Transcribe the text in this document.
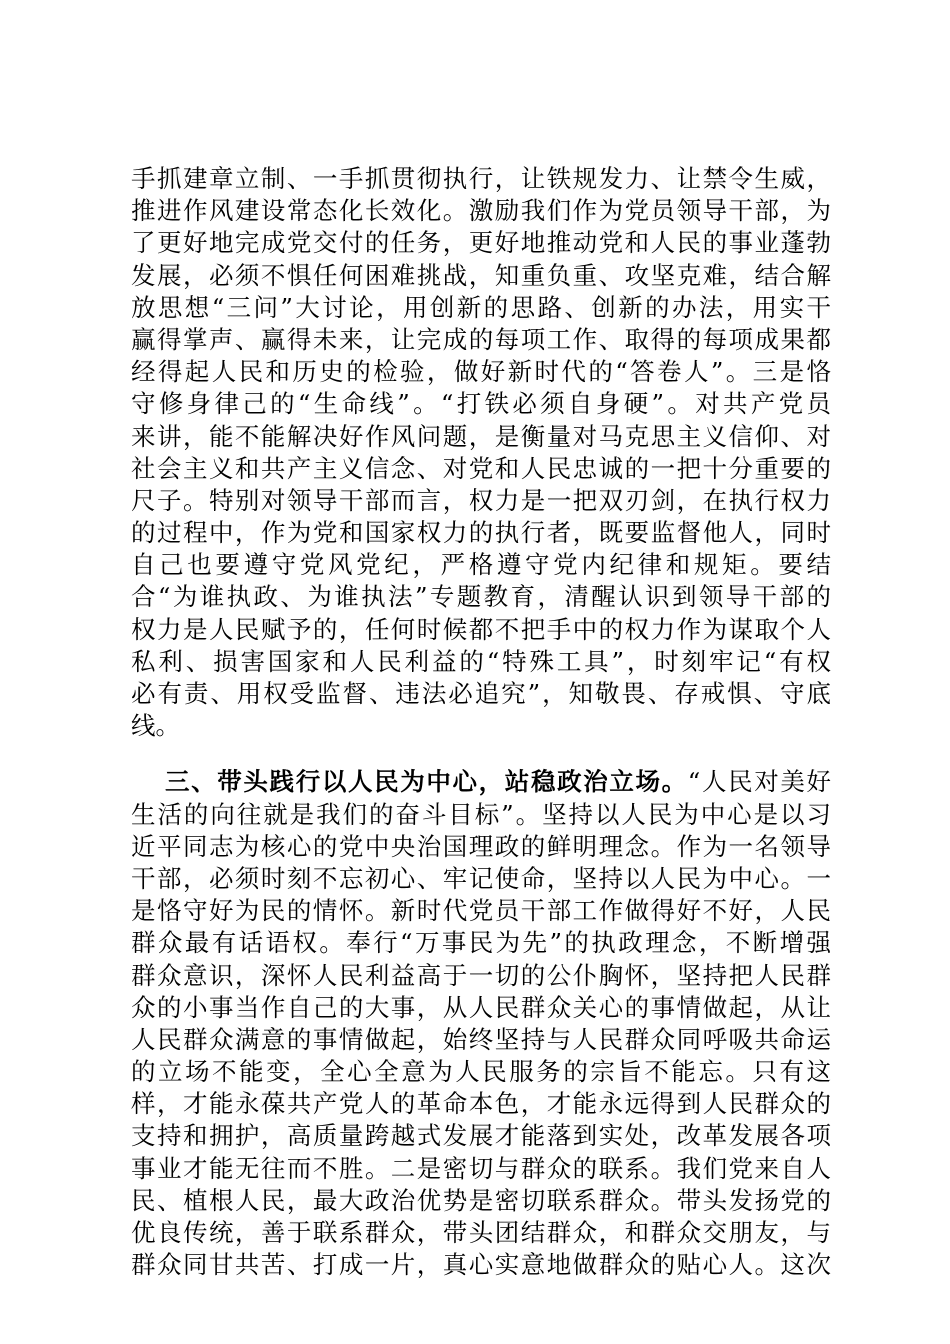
手抓建章立制、一手抓贯彻执行，让铁规发力、让禁令生威，
推进作风建设常态化长效化。激励我们作为党员领导干部，为
了更好地完成党交付的任务，更好地推动党和人民的事业蓬勃
发展，必须不惧任何困难挑战，知重负重、攻坚克难，结合解
放思想“三问”大讨论，用创新的思路、创新的办法，用实干
赢得掌声、赢得未来，让完成的每项工作、取得的每项成果都
经得起人民和历史的检验，做好新时代的“答卷人”。三是恪
守修身律己的“生命线”。“打铁必须自身硬”。对共产党员
来讲，能不能解决好作风问题，是衡量对马克思主义信仰、对
社会主义和共产主义信念、对党和人民忠诚的一把十分重要的
尺子。特别对领导干部而言，权力是一把双刃剑，在执行权力
的过程中，作为党和国家权力的执行者，既要监督他人，同时
自己也要遵守党风党纪，严格遵守党内纪律和规矩。要结
合“为谁执政、为谁执法”专题教育，清醒认识到领导干部的
权力是人民赋予的，任何时候都不把手中的权力作为谋取个人
私利、损害国家和人民利益的“特殊工具”，时刻牢记“有权
必有责、用权受监督、违法必追究”，知敬畏、存戒惧、守底
线。
三、带头践行以人民为中心，站稳政治立场。“人民对美好
生活的向往就是我们的奋斗目标”。坚持以人民为中心是以习
近平同志为核心的党中央治国理政的鲜明理念。作为一名领导
干部，必须时刻不忘初心、牢记使命，坚持以人民为中心。一
是恪守好为民的情怀。新时代党员干部工作做得好不好，人民
群众最有话语权。奉行“万事民为先”的执政理念，不断增强
群众意识，深怀人民利益高于一切的公仆胸怀，坚持把人民群
众的小事当作自己的大事，从人民群众关心的事情做起，从让
人民群众满意的事情做起，始终坚持与人民群众同呼吸共命运
的立场不能变，全心全意为人民服务的宗旨不能忘。只有这
样，才能永葆共产党人的革命本色，才能永远得到人民群众的
支持和拥护，高质量跨越式发展才能落到实处，改革发展各项
事业才能无往而不胜。二是密切与群众的联系。我们党来自人
民、植根人民，最大政治优势是密切联系群众。带头发扬党的
优良传统，善于联系群众，带头团结群众，和群众交朋友，与
群众同甘共苦、打成一片，真心实意地做群众的贴心人。这次
